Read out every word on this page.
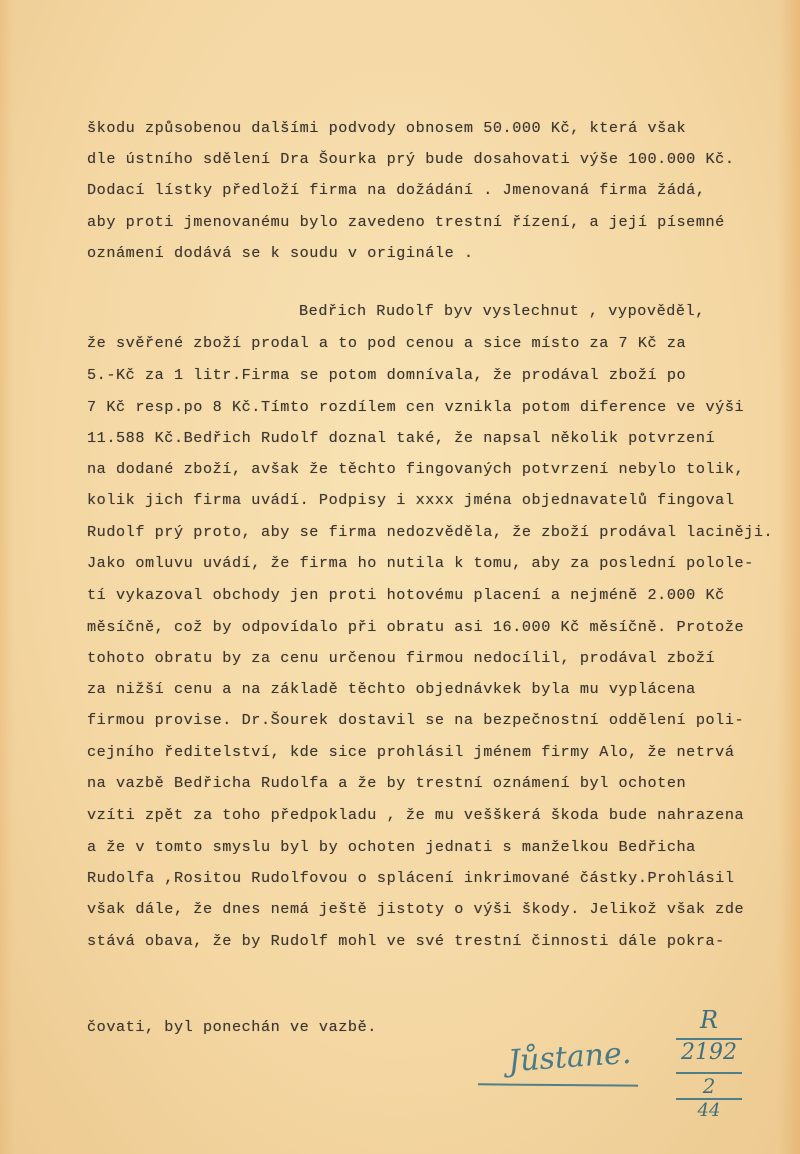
škodu způsobenou dalšími podvody obnosem 50.000 Kč, která však
dle ústního sdělení Dra Šourka prý bude dosahovati výše 100.000 Kč.
Dodací lístky předloží firma na dožádání . Jmenovaná firma žádá,
aby proti jmenovanému bylo zavedeno trestní řízení, a její písemné
oznámení dodává se k soudu v originále .
Bedřich Rudolf byv vyslechnut , vypověděl,
že svěřené zboží prodal a to pod cenou a sice místo za 7 Kč za
5.-Kč za 1 litr.Firma se potom domnívala, že prodával zboží po
7 Kč resp.po 8 Kč.Tímto rozdílem cen vznikla potom diference ve výši
11.588 Kč.Bedřich Rudolf doznal také, že napsal několik potvrzení
na dodané zboží, avšak že těchto fingovaných potvrzení nebylo tolik,
kolik jich firma uvádí. Podpisy i xxxx jména objednavatelů fingoval
Rudolf prý proto, aby se firma nedozvěděla, že zboží prodával laciněji.
Jako omluvu uvádí, že firma ho nutila k tomu, aby za poslední pololе-
tí vykazoval obchody jen proti hotovému placení a nejméně 2.000 Kč
měsíčně, což by odpovídalo při obratu asi 16.000 Kč měsíčně. Protože
tohoto obratu by za cenu určenou firmou nedocílil, prodával zboží
za nižší cenu a na základě těchto objednávkek byla mu vyplácena
firmou provise. Dr.Šourek dostavil se na bezpečnostní oddělení poli-
cejního ředitelství, kde sice prohlásil jménem firmy Alo, že netrvá
na vazbě Bedřicha Rudolfa a že by trestní oznámení byl ochoten
vzíti zpět za toho předpokladu , že mu vešškerá škoda bude nahrazena
a že v tomto smyslu byl by ochoten jednati s manželkou Bedřicha
Rudolfa ,Rositou Rudolfovou o splácení inkrimované částky.Prohlásil
však dále, že dnes nemá ještě jistoty o výši škody. Jelikož však zde
stává obava, že by Rudolf mohl ve své trestní činnosti dále pokra-
čovati, byl ponechán ve vazbě.
Jůstane.
R
2192
2
44
